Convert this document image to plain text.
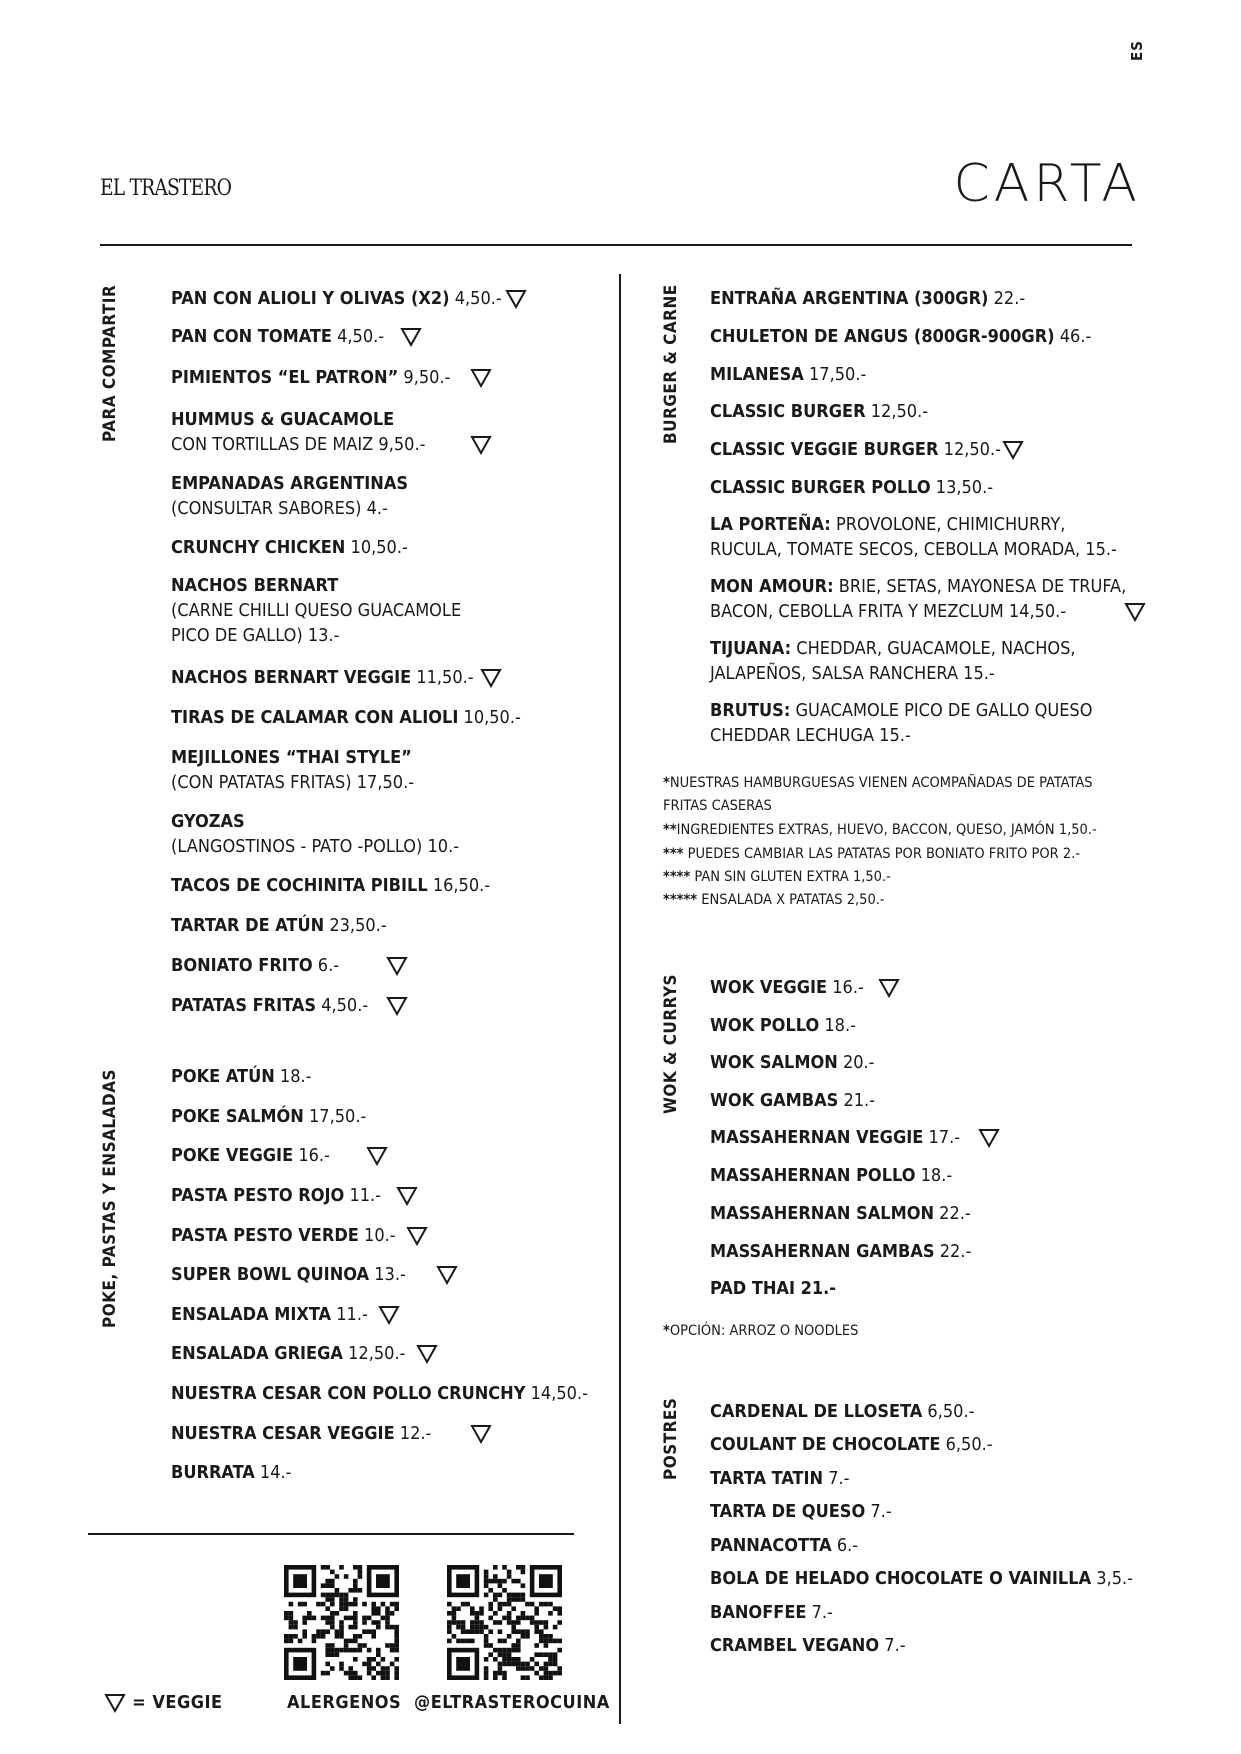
ES
EL TRASTERO	CARTA
PARA COMPARTIR
POKE, PASTAS Y ENSALADAS
BURGER & CARNE
WOK & CURRYS
POSTRES
PAN CON ALIOLI Y OLIVAS (X2) 4,50.-
PAN CON TOMATE 4,50.-
PIMIENTOS “EL PATRON” 9,50.-
HUMMUS & GUACAMOLE
CON TORTILLAS DE MAIZ 9,50.-
EMPANADAS ARGENTINAS
(CONSULTAR SABORES) 4.-
CRUNCHY CHICKEN 10,50.-
NACHOS BERNART
(CARNE CHILLI QUESO GUACAMOLE
PICO DE GALLO) 13.-
NACHOS BERNART VEGGIE 11,50.-
TIRAS DE CALAMAR CON ALIOLI 10,50.-
MEJILLONES “THAI STYLE”
(CON PATATAS FRITAS) 17,50.-
GYOZAS
(LANGOSTINOS - PATO -POLLO) 10.-
TACOS DE COCHINITA PIBILL 16,50.-
TARTAR DE ATÚN 23,50.-
BONIATO FRITO 6.-
PATATAS FRITAS 4,50.-
POKE ATÚN 18.-
POKE SALMÓN 17,50.-
POKE VEGGIE 16.-
PASTA PESTO ROJO 11.-
PASTA PESTO VERDE 10.-
SUPER BOWL QUINOA 13.-
ENSALADA MIXTA 11.-
ENSALADA GRIEGA 12,50.-
NUESTRA CESAR CON POLLO CRUNCHY 14,50.-
NUESTRA CESAR VEGGIE 12.-
BURRATA 14.-
ENTRAÑA ARGENTINA (300GR) 22.-
CHULETON DE ANGUS (800GR-900GR) 46.-
MILANESA 17,50.-
CLASSIC BURGER 12,50.-
CLASSIC VEGGIE BURGER 12,50.-
CLASSIC BURGER POLLO 13,50.-
LA PORTEÑA: PROVOLONE, CHIMICHURRY,
RUCULA, TOMATE SECOS, CEBOLLA MORADA, 15.-
MON AMOUR: BRIE, SETAS, MAYONESA DE TRUFA,
BACON, CEBOLLA FRITA Y MEZCLUM 14,50.-
TIJUANA: CHEDDAR, GUACAMOLE, NACHOS,
JALAPEÑOS, SALSA RANCHERA 15.-
BRUTUS: GUACAMOLE PICO DE GALLO QUESO
CHEDDAR LECHUGA 15.-
*NUESTRAS HAMBURGUESAS VIENEN ACOMPAÑADAS DE PATATAS
FRITAS CASERAS
**INGREDIENTES EXTRAS, HUEVO, BACCON, QUESO, JAMÓN 1,50.-
*** PUEDES CAMBIAR LAS PATATAS POR BONIATO FRITO POR 2.-
**** PAN SIN GLUTEN EXTRA 1,50.-
***** ENSALADA X PATATAS 2,50.-
WOK VEGGIE 16.-
WOK POLLO 18.-
WOK SALMON 20.-
WOK GAMBAS 21.-
MASSAHERNAN VEGGIE 17.-
MASSAHERNAN POLLO 18.-
MASSAHERNAN SALMON 22.-
MASSAHERNAN GAMBAS 22.-
PAD THAI 21.-
*OPCIÓN: ARROZ O NOODLES
CARDENAL DE LLOSETA 6,50.-
COULANT DE CHOCOLATE 6,50.-
TARTA TATIN 7.-
TARTA DE QUESO 7.-
PANNACOTTA 6.-
BOLA DE HELADO CHOCOLATE O VAINILLA 3,5.-
BANOFFEE 7.-
CRAMBEL VEGANO 7.-
= VEGGIE	ALERGENOS @ELTRASTEROCUINA
